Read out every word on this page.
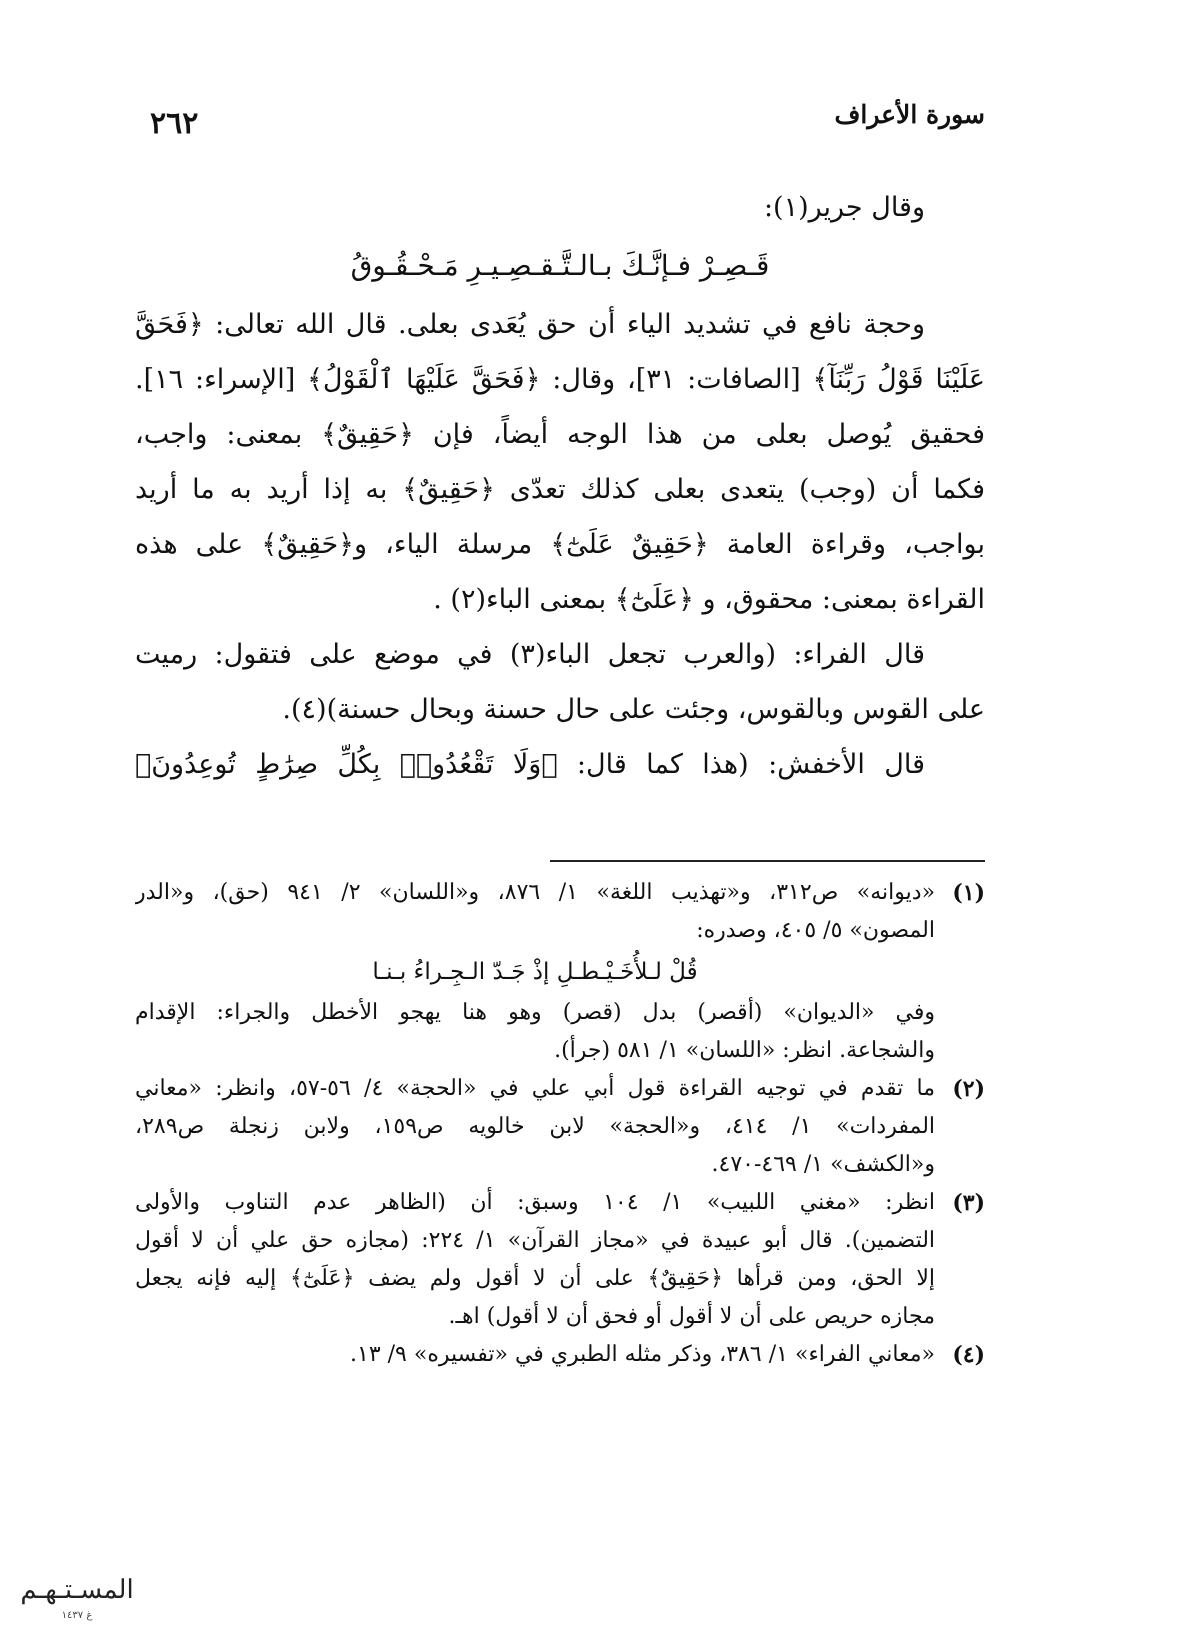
٢٦٢	سورة الأعراف
وقال جرير(١):
قَـصِـرْ فـإنَّـكَ بـالـتَّـقـصِـيـرِ مَـحْـقُـوقُ
وحجة نافع في تشديد الياء أن حق يُعَدى بعلى. قال الله تعالى: ﴿فَحَقَّ
عَلَيْنَا قَوْلُ رَبِّنَآ﴾ [الصافات: ٣١]، وقال: ﴿فَحَقَّ عَلَيْهَا ٱلْقَوْلُ﴾ [الإسراء: ١٦].
فحقيق يُوصل بعلى من هذا الوجه أيضاً، فإن ﴿حَقِيقٌ﴾ بمعنى: واجب،
فكما أن (وجب) يتعدى بعلى كذلك تعدّى ﴿حَقِيقٌ﴾ به إذا أريد به ما أريد
بواجب، وقراءة العامة ﴿حَقِيقٌ عَلَىٰٓ﴾ مرسلة الياء، و﴿حَقِيقٌ﴾ على هذه
القراءة بمعنى: محقوق، و ﴿عَلَىٰٓ﴾ بمعنى الباء(٢) .
قال الفراء: (والعرب تجعل الباء(٣) في موضع على فتقول: رميت
على القوس وبالقوس، وجئت على حال حسنة وبحال حسنة)(٤).
قال الأخفش: (هذا كما قال: ﴿وَلَا تَقْعُدُوا۟ بِكُلِّ صِرَٰطٍ تُوعِدُونَ﴾
(١)
«ديوانه» ص٣١٢، و«تهذيب اللغة» ١/ ٨٧٦، و«اللسان» ٢/ ٩٤١ (حق)، و«الدر
المصون» ٥/ ٤٠٥، وصدره:
قُلْ لـلأُخَـيْـطـلِ إذْ جَـدّ الـجِـراءُ بـنـا
وفي «الديوان» (أقصر) بدل (قصر) وهو هنا يهجو الأخطل والجراء: الإقدام
والشجاعة. انظر: «اللسان» ١/ ٥٨١ (جرأ).
(٢)
ما تقدم في توجيه القراءة قول أبي علي في «الحجة» ٤/ ٥٦-٥٧، وانظر: «معاني
المفردات» ١/ ٤١٤، و«الحجة» لابن خالويه ص١٥٩، ولابن زنجلة ص٢٨٩،
و«الكشف» ١/ ٤٦٩-٤٧٠.
(٣)
انظر: «مغني اللبيب» ١/ ١٠٤ وسبق: أن (الظاهر عدم التناوب والأولى
التضمين). قال أبو عبيدة في «مجاز القرآن» ١/ ٢٢٤: (مجازه حق علي أن لا أقول
إلا الحق، ومن قرأها ﴿حَقِيقٌ﴾ على أن لا أقول ولم يضف ﴿عَلَىٰٓ﴾ إليه فإنه يجعل
مجازه حريص على أن لا أقول أو فحق أن لا أقول) اهـ.
(٤)
«معاني الفراء» ١/ ٣٨٦، وذكر مثله الطبري في «تفسيره» ٩/ ١٣.
المسـتـهـم
غ ١٤٣٧
